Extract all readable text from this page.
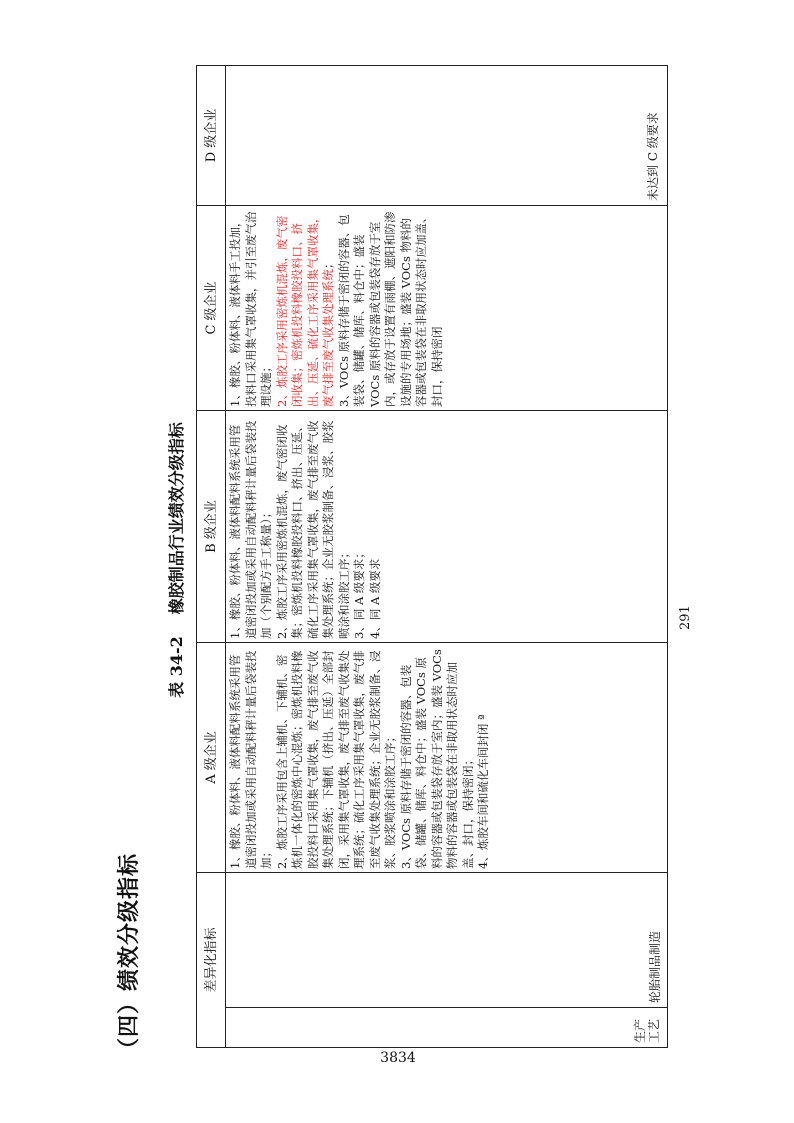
（四）绩效分级指标
表 34-2橡胶制品行业绩效分级指标
差异化指标
A 级企业
B 级企业
C 级企业
D 级企业
生产工艺
轮胎制品制造

1、橡胶、粉体料、液体料配料系统采用管道密闭投加或采用自动配料秤计量后袋装投加； 2、炼胶工序采用包含上辅机、下辅机、密炼机一体化的密炼中心混炼；密炼机投料橡胶投料口采用集气罩收集，废气排至废气收集处理系统；下辅机（挤出、压延）全部封闭，采用集气罩收集，废气排至废气收集处理系统；硫化工序采用集气罩收集，废气排至废气收集处理系统；企业无胶浆制备、浸浆、胶浆喷涂和涂胶工序； 3、VOCs 原料存储于密闭的容器、包装袋、储罐、储库、料仓中；盛装 VOCs 原料的容器或包装袋存放于室内；盛装 VOCs 物料的容器或包装袋在非取用状态时应加盖、封口，保持密闭； 4、炼胶车间和硫化车间封闭 ª

1、橡胶、粉体料、液体料配料系统采用管道密闭投加或采用自动配料秤计量后袋装投加（个别配方手工称量）； 2、炼胶工序采用密炼机混炼，废气密闭收集；密炼机投料橡胶投料口、挤出、压延、硫化工序采用集气罩收集，废气排至废气收集处理系统；企业无胶浆制备、浸浆、胶浆喷涂和涂胶工序； 3、同 A 级要求； 4、同 A 级要求

1、橡胶、粉体料、液体料手工投加，投料口采用集气罩收集，并引至废气治理设施； 2、炼胶工序采用密炼机混炼，废气密闭收集；密炼机投料橡胶投料口、挤出、压延、硫化工序采用集气罩收集，废气排至废气收集处理系统； 3、VOCs 原料存储于密闭的容器、包装袋、储罐、储库、料仓中；盛装 VOCs 原料的容器或包装袋存放于室内，或存放于设置有雨棚、遮阳和防渗设施的专用场地；盛装 VOCs 物料的容器或包装袋在非取用状态时应加盖、封口，保持密闭

未达到 C 级要求
291
3834
